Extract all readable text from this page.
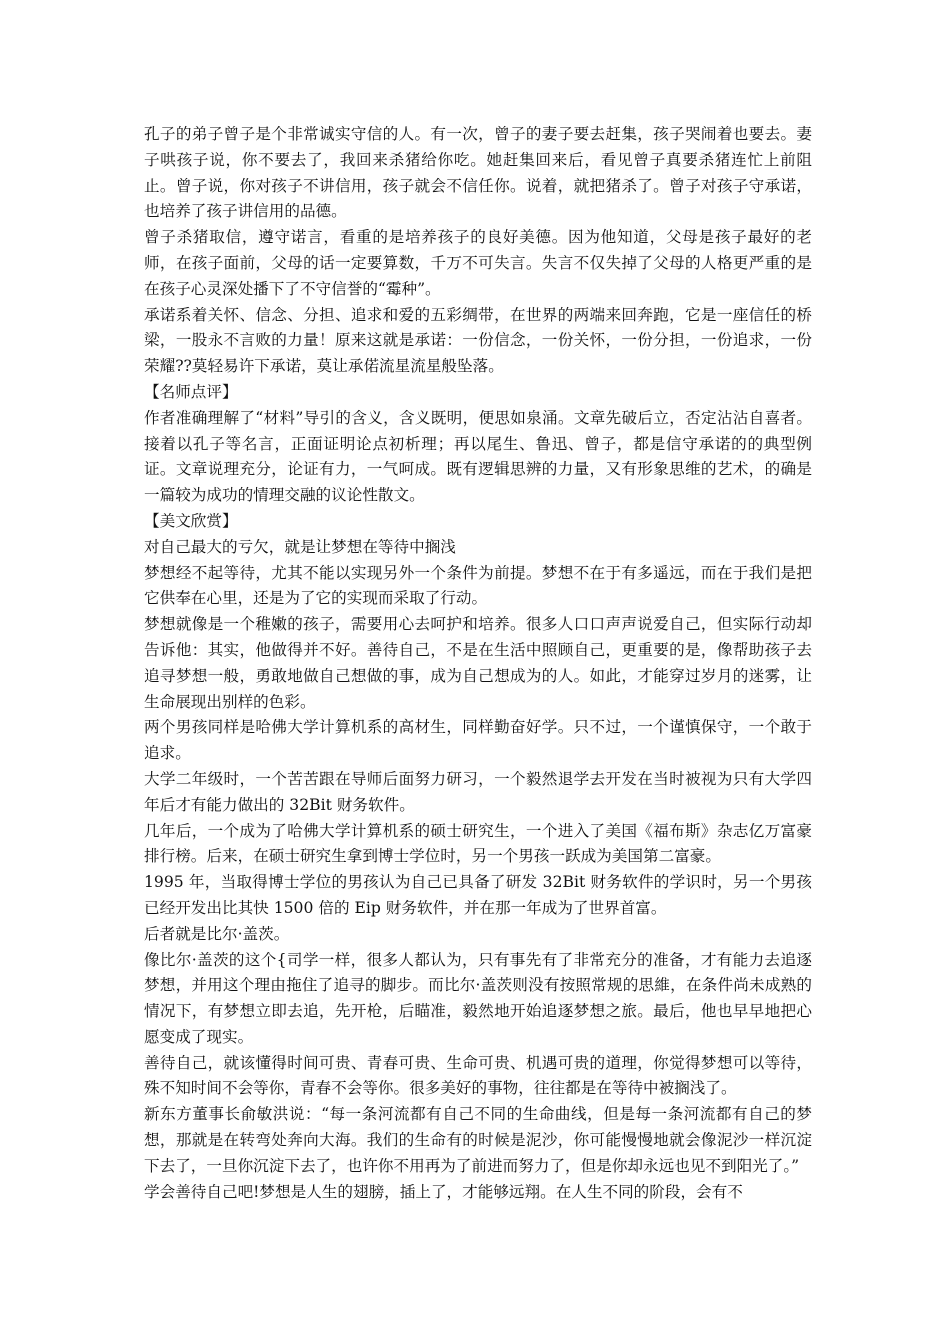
孔子的弟子曾子是个非常诚实守信的人。有一次，曾子的妻子要去赶集，孩子哭闹着也要去。妻子哄孩子说，你不要去了，我回来杀猪给你吃。她赶集回来后，看见曾子真要杀猪连忙上前阻止。曾子说，你对孩子不讲信用，孩子就会不信任你。说着，就把猪杀了。曾子对孩子守承诺，也培养了孩子讲信用的品德。

曾子杀猪取信，遵守诺言，看重的是培养孩子的良好美德。因为他知道，父母是孩子最好的老师，在孩子面前，父母的话一定要算数，千万不可失言。失言不仅失掉了父母的人格更严重的是在孩子心灵深处播下了不守信誉的“霉种”。

承诺系着关怀、信念、分担、追求和爱的五彩绸带，在世界的两端来回奔跑，它是一座信任的桥梁，一股永不言败的力量！原来这就是承诺：一份信念，一份关怀，一份分担，一份追求，一份荣耀??莫轻易许下承诺，莫让承偌流星流星般坠落。

【名师点评】

作者准确理解了“材料”导引的含义，含义既明，便思如泉涌。文章先破后立，否定沾沾自喜者。接着以孔子等名言，正面证明论点初析理；再以尾生、鲁迅、曾子，都是信守承诺的的典型例证。文章说理充分，论证有力，一气呵成。既有逻辑思辨的力量，又有形象思维的艺术，的确是一篇较为成功的情理交融的议论性散文。

【美文欣赏】

对自己最大的亏欠，就是让梦想在等待中搁浅

梦想经不起等待，尤其不能以实现另外一个条件为前提。梦想不在于有多遥远，而在于我们是把它供奉在心里，还是为了它的实现而采取了行动。

梦想就像是一个稚嫩的孩子，需要用心去呵护和培养。很多人口口声声说爱自己，但实际行动却告诉他：其实，他做得并不好。善待自己，不是在生活中照顾自己，更重要的是，像帮助孩子去追寻梦想一般，勇敢地做自己想做的事，成为自己想成为的人。如此，才能穿过岁月的迷雾，让生命展现出别样的色彩。

两个男孩同样是哈佛大学计算机系的高材生，同样勤奋好学。只不过，一个谨慎保守，一个敢于追求。

大学二年级时，一个苦苦跟在导师后面努力研习，一个毅然退学去开发在当时被视为只有大学四年后才有能力做出的 32Bit 财务软件。

几年后，一个成为了哈佛大学计算机系的硕士研究生，一个进入了美国《福布斯》杂志亿万富豪排行榜。后来，在硕士研究生拿到博士学位时，另一个男孩一跃成为美国第二富豪。

1995 年，当取得博士学位的男孩认为自己已具备了研发 32Bit 财务软件的学识时，另一个男孩已经开发出比其快 1500 倍的 Eip 财务软件，并在那一年成为了世界首富。

后者就是比尔·盖茨。

像比尔·盖茨的这个{司学一样，很多人都认为，只有事先有了非常充分的准备，才有能力去追逐梦想，并用这个理由拖住了追寻的脚步。而比尔·盖茨则没有按照常规的思維，在条件尚未成熟的情况下，有梦想立即去追，先开枪，后瞄准，毅然地开始追逐梦想之旅。最后，他也早早地把心愿变成了现实。

善待自己，就该懂得时间可贵、青春可贵、生命可贵、机遇可贵的道理，你觉得梦想可以等待，殊不知时间不会等你，青春不会等你。很多美好的事物，往往都是在等待中被搁浅了。

新东方董事长俞敏洪说：“每一条河流都有自己不同的生命曲线，但是每一条河流都有自己的梦想，那就是在转弯处奔向大海。我们的生命有的时候是泥沙，你可能慢慢地就会像泥沙一样沉淀下去了，一旦你沉淀下去了，也许你不用再为了前进而努力了，但是你却永远也见不到阳光了。”

学会善待自己吧!梦想是人生的翅膀，插上了，才能够远翔。在人生不同的阶段，会有不
